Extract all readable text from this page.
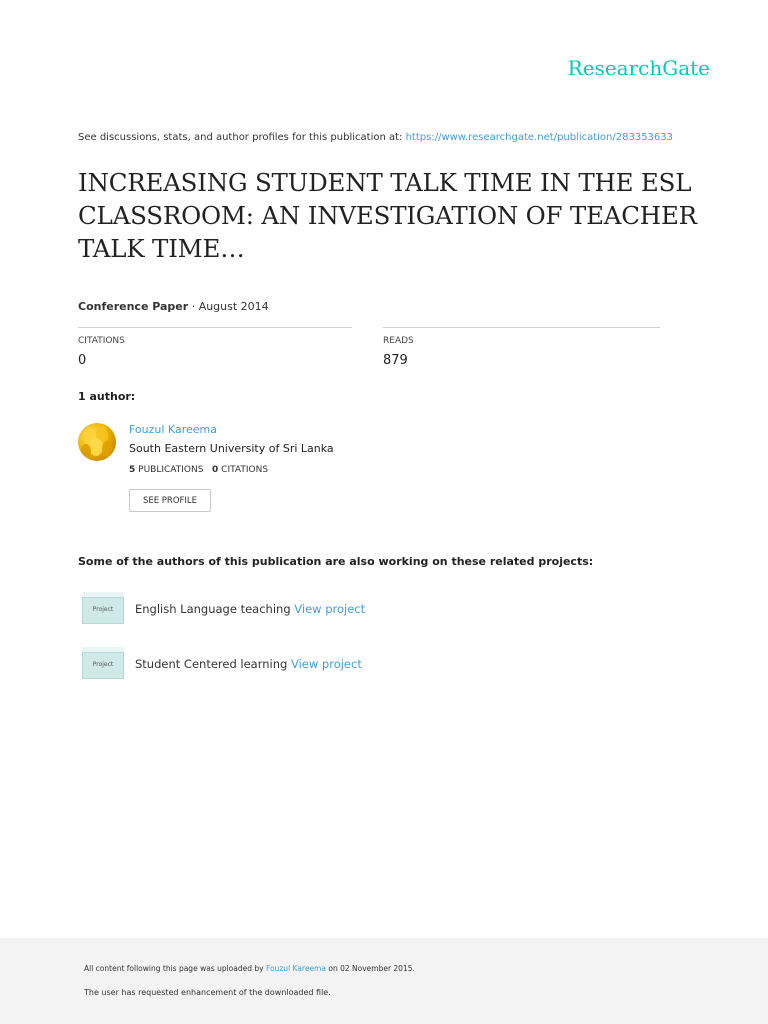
ResearchGate
See discussions, stats, and author profiles for this publication at: https://www.researchgate.net/publication/283353633
INCREASING STUDENT TALK TIME IN THE ESL CLASSROOM: AN INVESTIGATION OF TEACHER TALK TIME…
Conference Paper · August 2014
CITATIONS
0
READS
879
1 author:
Fouzul Kareema
South Eastern University of Sri Lanka
5 PUBLICATIONS 0 CITATIONS
SEE PROFILE
Some of the authors of this publication are also working on these related projects:
Project	English Language teaching View project
Project	Student Centered learning View project
All content following this page was uploaded by Fouzul Kareema on 02 November 2015.
The user has requested enhancement of the downloaded file.
